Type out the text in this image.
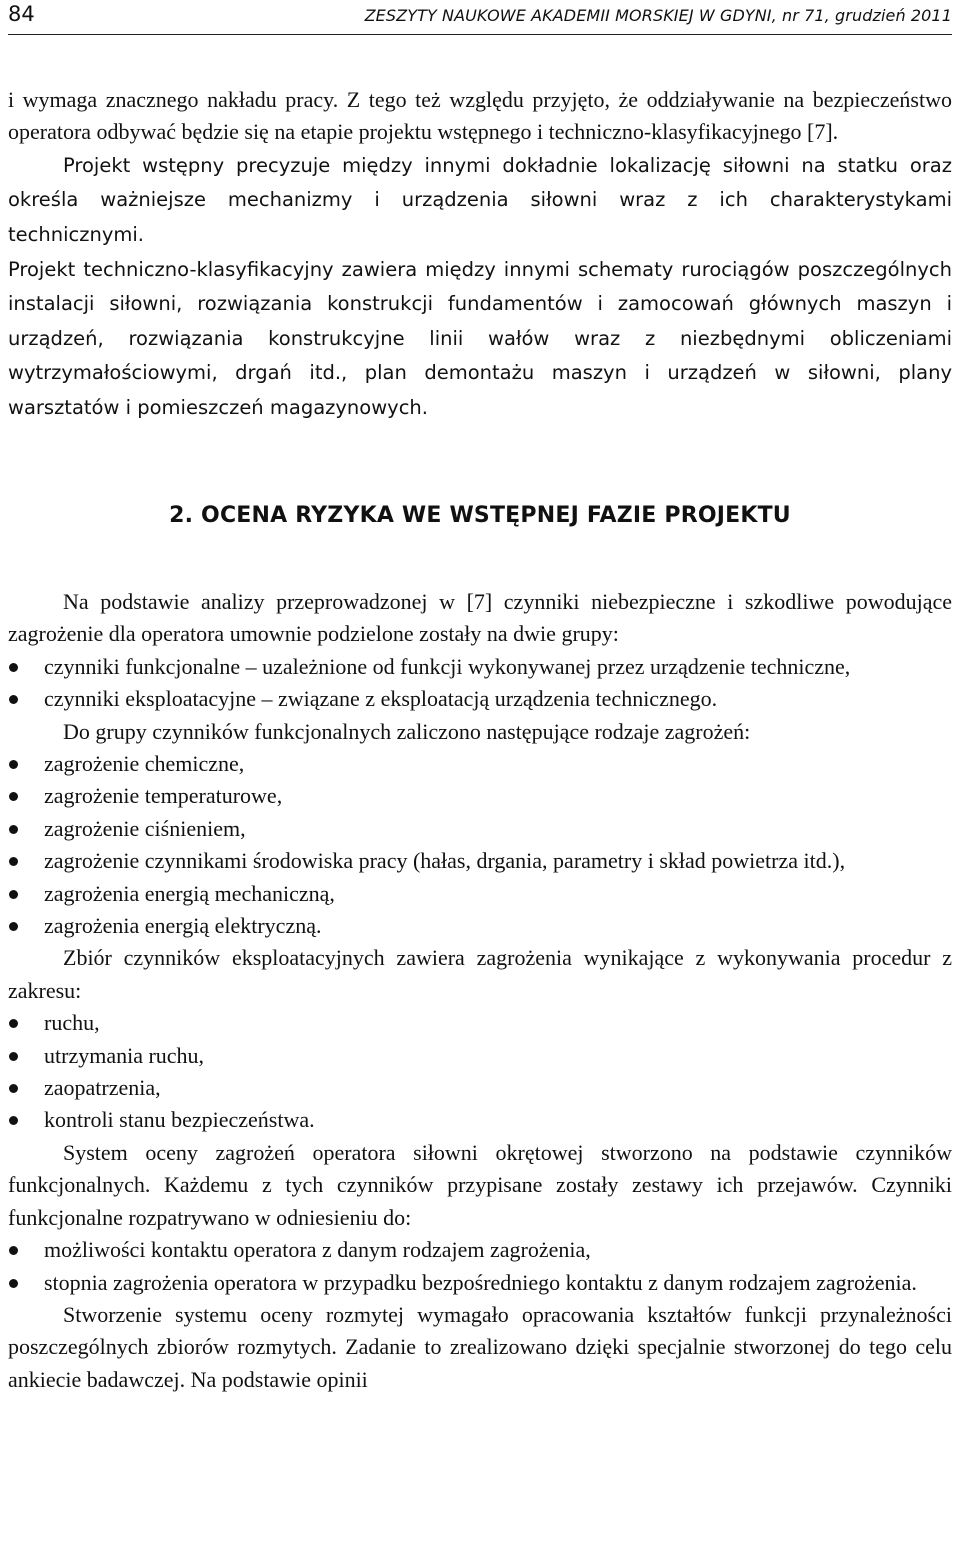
84	ZESZYTY NAUKOWE AKADEMII MORSKIEJ W GDYNI, nr 71, grudzień 2011

i wymaga znacznego nakładu pracy. Z tego też względu przyjęto, że oddziaływanie na bezpieczeństwo operatora odbywać będzie się na etapie projektu wstępnego i techniczno-klasyfikacyjnego [7].

Projekt wstępny precyzuje między innymi dokładnie lokalizację siłowni na statku oraz określa ważniejsze mechanizmy i urządzenia siłowni wraz z ich charakterystykami technicznymi.

Projekt techniczno-klasyfikacyjny zawiera między innymi schematy rurociągów poszczególnych instalacji siłowni, rozwiązania konstrukcji fundamentów i zamocowań głównych maszyn i urządzeń, rozwiązania konstrukcyjne linii wałów wraz z niezbędnymi obliczeniami wytrzymałościowymi, drgań itd., plan demontażu maszyn i urządzeń w siłowni, plany warsztatów i pomieszczeń magazynowych.

2. OCENA RYZYKA WE WSTĘPNEJ FAZIE PROJEKTU

Na podstawie analizy przeprowadzonej w [7] czynniki niebezpieczne i szkodliwe powodujące zagrożenie dla operatora umownie podzielone zostały na dwie grupy:

czynniki funkcjonalne – uzależnione od funkcji wykonywanej przez urządzenie techniczne,
czynniki eksploatacyjne – związane z eksploatacją urządzenia technicznego.

Do grupy czynników funkcjonalnych zaliczono następujące rodzaje zagrożeń:

zagrożenie chemiczne,
zagrożenie temperaturowe,
zagrożenie ciśnieniem,
zagrożenie czynnikami środowiska pracy (hałas, drgania, parametry i skład powietrza itd.),
zagrożenia energią mechaniczną,
zagrożenia energią elektryczną.

Zbiór czynników eksploatacyjnych zawiera zagrożenia wynikające z wykonywania procedur z zakresu:

ruchu,
utrzymania ruchu,
zaopatrzenia,
kontroli stanu bezpieczeństwa.

System oceny zagrożeń operatora siłowni okrętowej stworzono na podstawie czynników funkcjonalnych. Każdemu z tych czynników przypisane zostały zestawy ich przejawów. Czynniki funkcjonalne rozpatrywano w odniesieniu do:

możliwości kontaktu operatora z danym rodzajem zagrożenia,
stopnia zagrożenia operatora w przypadku bezpośredniego kontaktu z danym rodzajem zagrożenia.

Stworzenie systemu oceny rozmytej wymagało opracowania kształtów funkcji przynależności poszczególnych zbiorów rozmytych. Zadanie to zrealizowano dzięki specjalnie stworzonej do tego celu ankiecie badawczej. Na podstawie opinii
